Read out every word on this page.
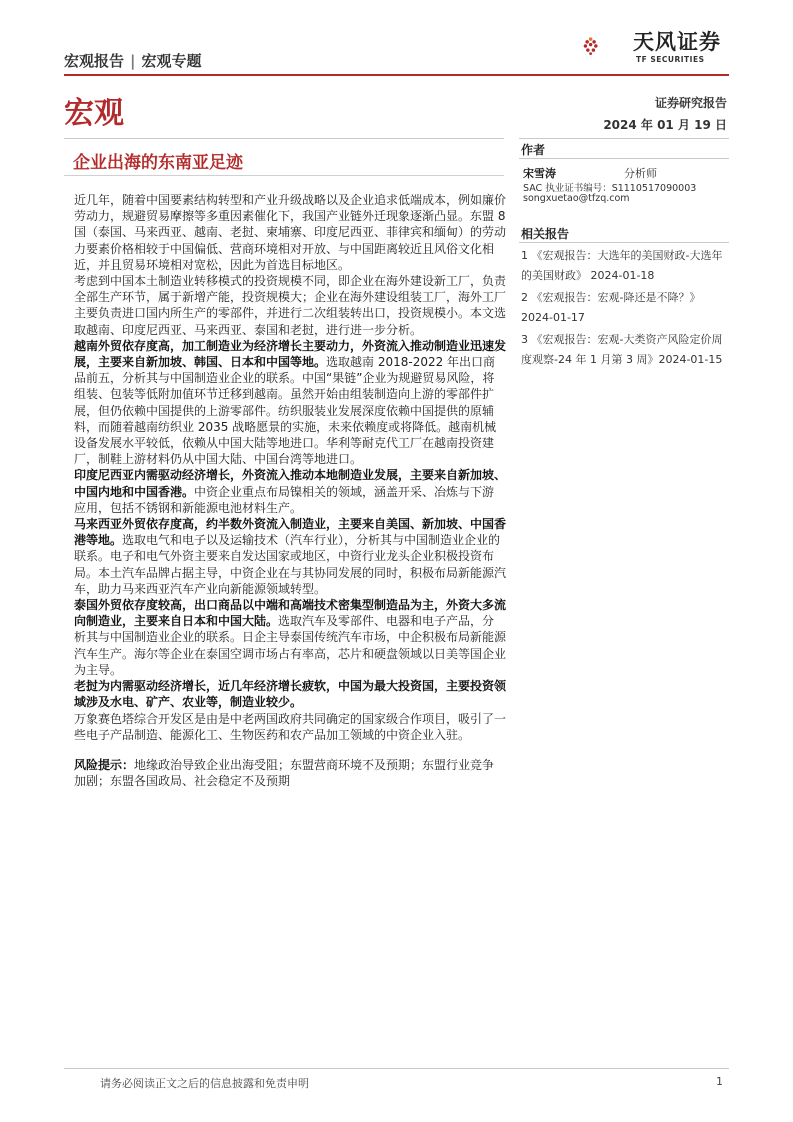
宏观报告 | 宏观专题
天风证券
TF SECURITIES
宏观	证券研究报告
2024 年 01 月 19 日
企业出海的东南亚足迹

近几年，随着中国要素结构转型和产业升级战略以及企业追求低端成本，例如廉价劳动力，规避贸易摩擦等多重因素催化下，我国产业链外迁现象逐渐凸显。东盟 8 国（泰国、马来西亚、越南、老挝、柬埔寨、印度尼西亚、菲律宾和缅甸）的劳动力要素价格相较于中国偏低、营商环境相对开放、与中国距离较近且风俗文化相近，并且贸易环境相对宽松，因此为首选目标地区。

考虑到中国本土制造业转移模式的投资规模不同，即企业在海外建设新工厂，负责全部生产环节，属于新增产能，投资规模大；企业在海外建设组装工厂，海外工厂主要负责进口国内所生产的零部件，并进行二次组装转出口，投资规模小。本文选取越南、印度尼西亚、马来西亚、泰国和老挝，进行进一步分析。

越南外贸依存度高，加工制造业为经济增长主要动力，外资流入推动制造业迅速发展，主要来自新加坡、韩国、日本和中国等地。选取越南 2018-2022 年出口商品前五，分析其与中国制造业企业的联系。中国“果链”企业为规避贸易风险，将组装、包装等低附加值环节迁移到越南。虽然开始由组装制造向上游的零部件扩展，但仍依赖中国提供的上游零部件。纺织服装业发展深度依赖中国提供的原辅料，而随着越南纺织业 2035 战略愿景的实施，未来依赖度或将降低。越南机械设备发展水平较低，依赖从中国大陆等地进口。华利等耐克代工厂在越南投资建厂，制鞋上游材料仍从中国大陆、中国台湾等地进口。

印度尼西亚内需驱动经济增长，外资流入推动本地制造业发展，主要来自新加坡、中国内地和中国香港。中资企业重点布局镍相关的领域，涵盖开采、冶炼与下游应用，包括不锈钢和新能源电池材料生产。

马来西亚外贸依存度高，约半数外资流入制造业，主要来自美国、新加坡、中国香港等地。选取电气和电子以及运输技术（汽车行业），分析其与中国制造业企业的联系。电子和电气外资主要来自发达国家或地区，中资行业龙头企业积极投资布局。本土汽车品牌占据主导，中资企业在与其协同发展的同时，积极布局新能源汽车，助力马来西亚汽车产业向新能源领域转型。

泰国外贸依存度较高，出口商品以中端和高端技术密集型制造品为主，外资大多流向制造业，主要来自日本和中国大陆。选取汽车及零部件、电器和电子产品，分析其与中国制造业企业的联系。日企主导泰国传统汽车市场，中企积极布局新能源汽车生产。海尔等企业在泰国空调市场占有率高，芯片和硬盘领域以日美等国企业为主导。

老挝为内需驱动经济增长，近几年经济增长疲软，中国为最大投资国，主要投资领域涉及水电、矿产、农业等，制造业较少。

万象赛色塔综合开发区是由是中老两国政府共同确定的国家级合作项目，吸引了一些电子产品制造、能源化工、生物医药和农产品加工领域的中资企业入驻。

风险提示：地缘政治导致企业出海受阻；东盟营商环境不及预期；东盟行业竞争加剧；东盟各国政局、社会稳定不及预期

作者
宋雪涛	分析师
SAC 执业证书编号：S1110517090003
songxuetao@tfzq.com
相关报告
1 《宏观报告：大选年的美国财政-大选年的美国财政》 2024-01-18
2 《宏观报告：宏观-降还是不降？》 2024-01-17
3 《宏观报告：宏观-大类资产风险定价周度观察-24 年 1 月第 3 周》2024-01-15
请务必阅读正文之后的信息披露和免责申明	1
